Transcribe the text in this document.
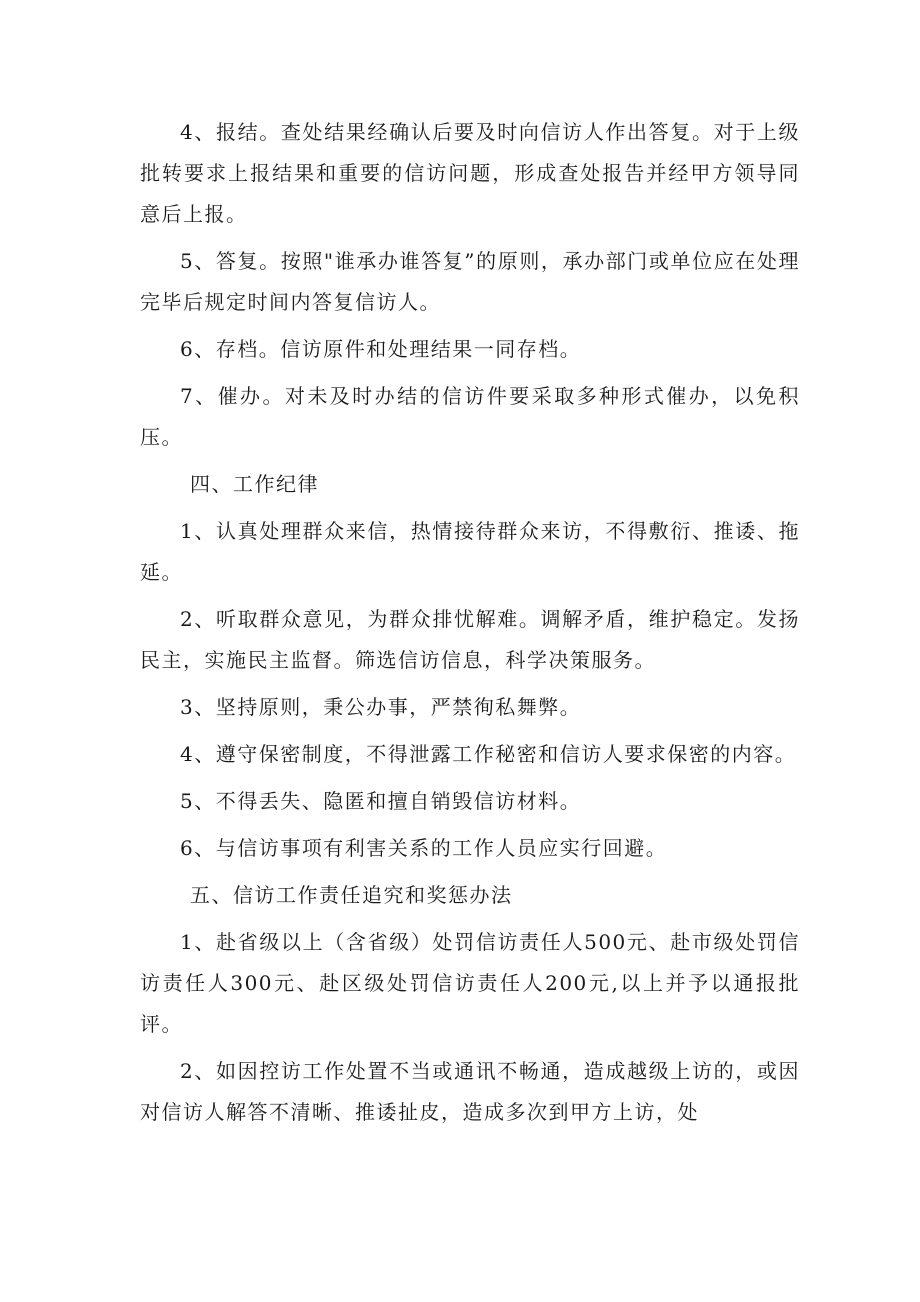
4、报结。查处结果经确认后要及时向信访人作出答复。对于上级批转要求上报结果和重要的信访问题，形成查处报告并经甲方领导同意后上报。

5、答复。按照"谁承办谁答复”的原则，承办部门或单位应在处理完毕后规定时间内答复信访人。

6、存档。信访原件和处理结果一同存档。

7、催办。对未及时办结的信访件要采取多种形式催办，以免积压。

四、工作纪律

1、认真处理群众来信，热情接待群众来访，不得敷衍、推诿、拖延。

2、听取群众意见，为群众排忧解难。调解矛盾，维护稳定。发扬民主，实施民主监督。筛选信访信息，科学决策服务。

3、坚持原则，秉公办事，严禁徇私舞弊。

4、遵守保密制度，不得泄露工作秘密和信访人要求保密的内容。

5、不得丢失、隐匿和擅自销毁信访材料。

6、与信访事项有利害关系的工作人员应实行回避。

五、信访工作责任追究和奖惩办法

1、赴省级以上（含省级）处罚信访责任人500元、赴市级处罚信访责任人300元、赴区级处罚信访责任人200元,以上并予以通报批评。

2、如因控访工作处置不当或通讯不畅通，造成越级上访的，或因对信访人解答不清晰、推诿扯皮，造成多次到甲方上访，处
